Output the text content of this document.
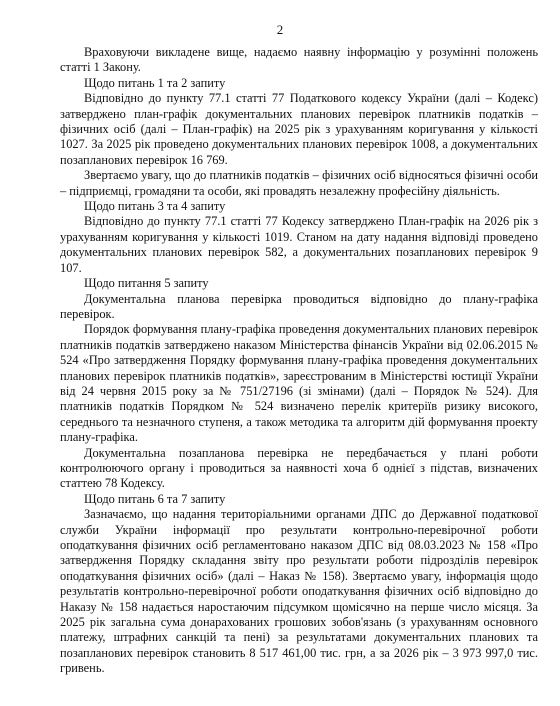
2

Враховуючи викладене вище, надаємо наявну інформацію у розумінні положень статті 1 Закону.

Щодо питань 1 та 2 запиту

Відповідно до пункту 77.1 статті 77 Податкового кодексу України (далі – Кодекс) затверджено план-графік документальних планових перевірок платників податків – фізичних осіб (далі – План-графік) на 2025 рік з урахуванням коригування у кількості 1027. За 2025 рік проведено документальних планових перевірок 1008, а документальних позапланових перевірок 16 769.

Звертаємо увагу, що до платників податків – фізичних осіб відносяться фізичні особи – підприємці, громадяни та особи, які провадять незалежну професійну діяльність.

Щодо питань 3 та 4 запиту

Відповідно до пункту 77.1 статті 77 Кодексу затверджено План-графік на 2026 рік з урахуванням коригування у кількості 1019. Станом на дату надання відповіді проведено документальних планових перевірок 582, а документальних позапланових перевірок 9 107.

Щодо питання 5 запиту

Документальна планова перевірка проводиться відповідно до плану-графіка перевірок.

Порядок формування плану-графіка проведення документальних планових перевірок платників податків затверджено наказом Міністерства фінансів України від 02.06.2015 № 524 «Про затвердження Порядку формування плану-графіка проведення документальних планових перевірок платників податків», зареєстрованим в Міністерстві юстиції України від 24 червня 2015 року за № 751/27196 (зі змінами) (далі – Порядок № 524). Для платників податків Порядком № 524 визначено перелік критеріїв ризику високого, середнього та незначного ступеня, а також методика та алгоритм дій формування проекту плану-графіка.

Документальна позапланова перевірка не передбачається у плані роботи контролюючого органу і проводиться за наявності хоча б однієї з підстав, визначених статтею 78 Кодексу.

Щодо питань 6 та 7 запиту

Зазначаємо, що надання територіальними органами ДПС до Державної податкової служби України інформації про результати контрольно-перевірочної роботи оподаткування фізичних осіб регламентовано наказом ДПС від 08.03.2023 № 158 «Про затвердження Порядку складання звіту про результати роботи підрозділів перевірок оподаткування фізичних осіб» (далі – Наказ № 158). Звертаємо увагу, інформація щодо результатів контрольно-перевірочної роботи оподаткування фізичних осіб відповідно до Наказу № 158 надається наростаючим підсумком щомісячно на перше число місяця. За 2025 рік загальна сума донарахованих грошових зобов'язань (з урахуванням основного платежу, штрафних санкцій та пені) за результатами документальних планових та позапланових перевірок становить 8 517 461,00 тис. грн, а за 2026 рік – 3 973 997,0 тис. гривень.
